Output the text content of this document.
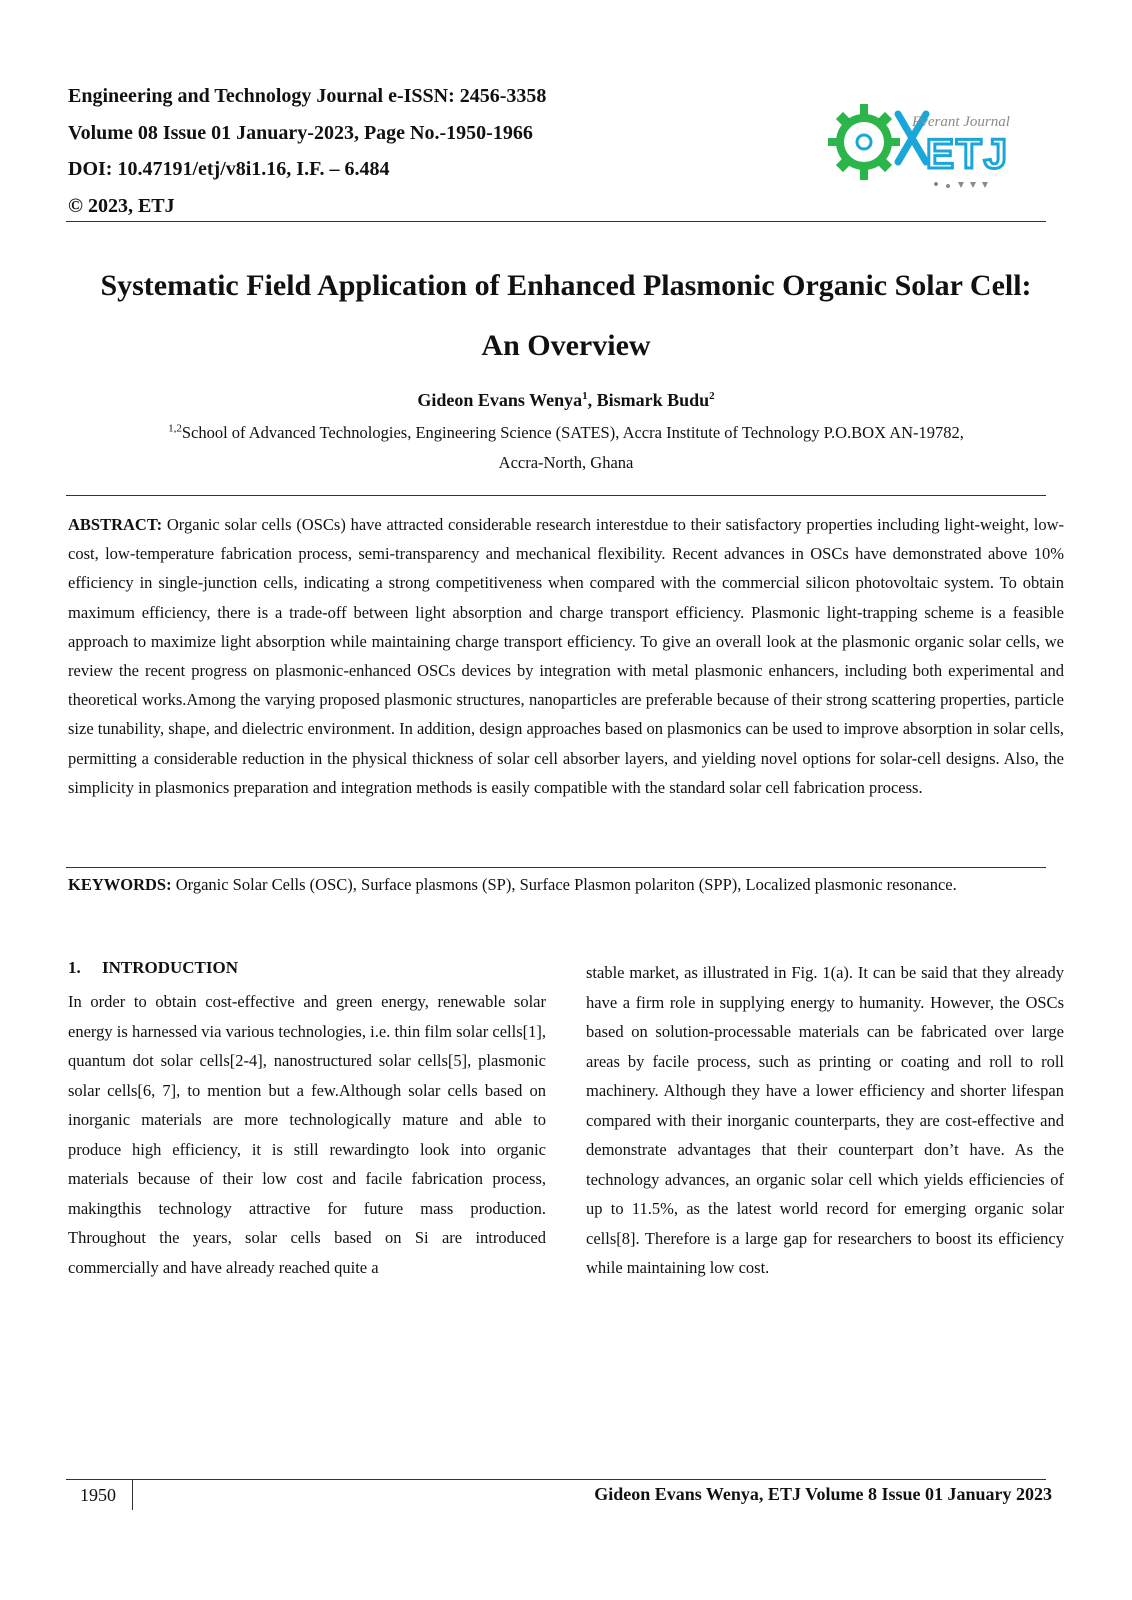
Engineering and Technology Journal e-ISSN: 2456-3358
Volume 08 Issue 01 January-2023, Page No.-1950-1966
DOI: 10.47191/etj/v8i1.16, I.F. – 6.484
© 2023, ETJ
Everant Journal
ETJ
Systematic Field Application of Enhanced Plasmonic Organic Solar Cell:
An Overview
Gideon Evans Wenya$^1$, Bismark Budu$^2$
$^{1,2}$School of Advanced Technologies, Engineering Science (SATES), Accra Institute of Technology P.O.BOX AN-19782,
Accra-North, Ghana
ABSTRACT: Organic solar cells (OSCs) have attracted considerable research interestdue to their satisfactory properties including light-weight, low-cost, low-temperature fabrication process, semi-transparency and mechanical flexibility. Recent advances in OSCs have demonstrated above 10% efficiency in single-junction cells, indicating a strong competitiveness when compared with the commercial silicon photovoltaic system. To obtain maximum efficiency, there is a trade-off between light absorption and charge transport efficiency. Plasmonic light-trapping scheme is a feasible approach to maximize light absorption while maintaining charge transport efficiency. To give an overall look at the plasmonic organic solar cells, we review the recent progress on plasmonic-enhanced OSCs devices by integration with metal plasmonic enhancers, including both experimental and theoretical works.Among the varying proposed plasmonic structures, nanoparticles are preferable because of their strong scattering properties, particle size tunability, shape, and dielectric environment. In addition, design approaches based on plasmonics can be used to improve absorption in solar cells, permitting a considerable reduction in the physical thickness of solar cell absorber layers, and yielding novel options for solar-cell designs. Also, the simplicity in plasmonics preparation and integration methods is easily compatible with the standard solar cell fabrication process.
KEYWORDS: Organic Solar Cells (OSC), Surface plasmons (SP), Surface Plasmon polariton (SPP), Localized plasmonic resonance.
1. INTRODUCTION
In order to obtain cost-effective and green energy, renewable solar energy is harnessed via various technologies, i.e. thin film solar cells[1], quantum dot solar cells[2-4], nanostructured solar cells[5], plasmonic solar cells[6, 7], to mention but a few.Although solar cells based on inorganic materials are more technologically mature and able to produce high efficiency, it is still rewardingto look into organic materials because of their low cost and facile fabrication process, makingthis technology attractive for future mass production. Throughout the years, solar cells based on Si are introduced commercially and have already reached quite a
stable market, as illustrated in Fig. 1(a). It can be said that they already have a firm role in supplying energy to humanity. However, the OSCs based on solution-processable materials can be fabricated over large areas by facile process, such as printing or coating and roll to roll machinery. Although they have a lower efficiency and shorter lifespan compared with their inorganic counterparts, they are cost-effective and demonstrate advantages that their counterpart don’t have. As the technology advances, an organic solar cell which yields efficiencies of up to 11.5%, as the latest world record for emerging organic solar cells[8]. Therefore is a large gap for researchers to boost its efficiency while maintaining low cost.
1950	Gideon Evans Wenya, ETJ Volume 8 Issue 01 January 2023
